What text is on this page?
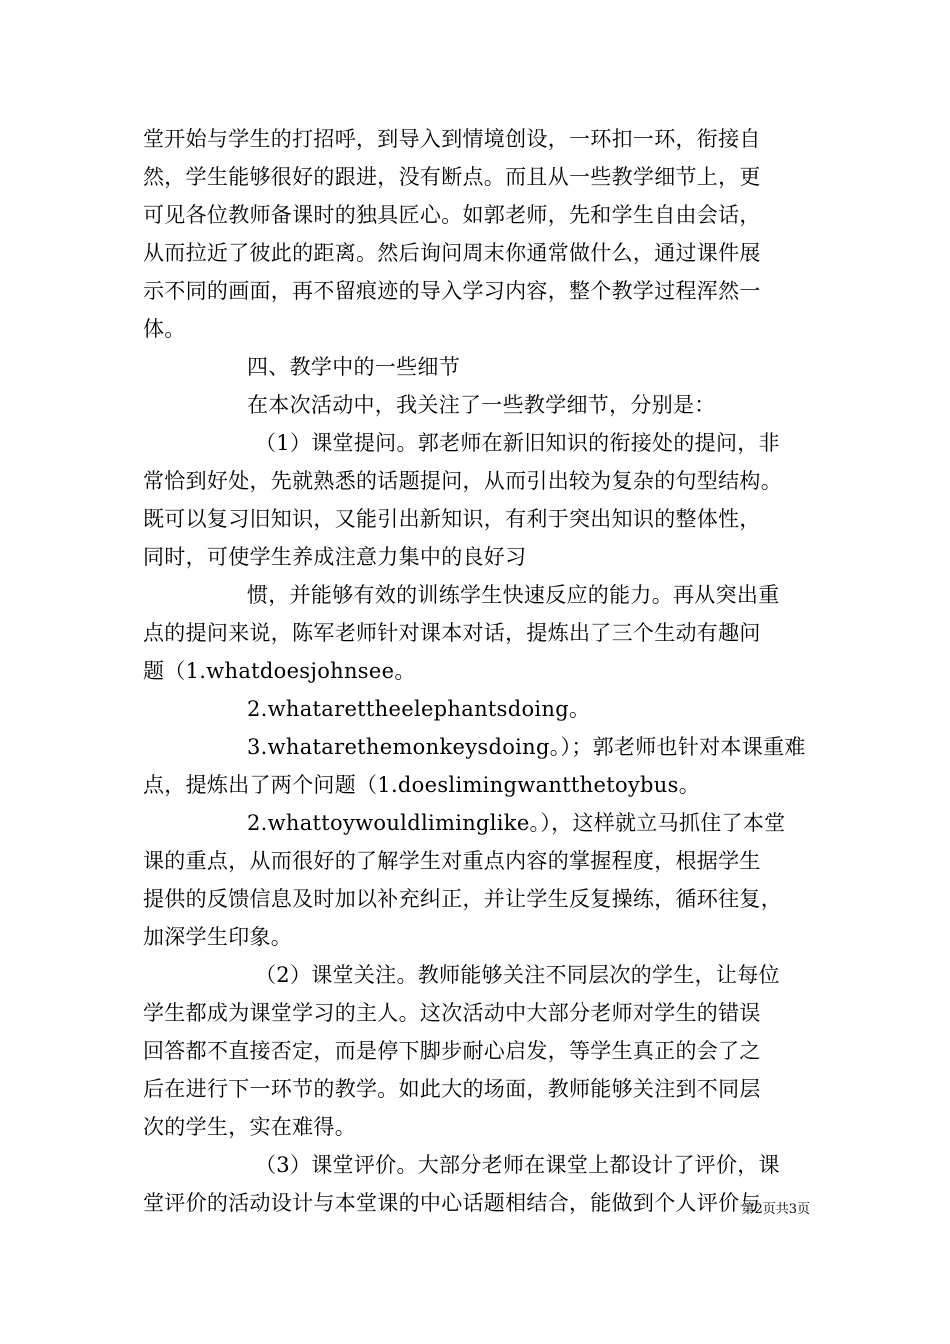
堂开始与学生的打招呼，到导入到情境创设，一环扣一环，衔接自
然，学生能够很好的跟进，没有断点。而且从一些教学细节上，更
可见各位教师备课时的独具匠心。如郭老师，先和学生自由会话，
从而拉近了彼此的距离。然后询问周末你通常做什么，通过课件展
示不同的画面，再不留痕迹的导入学习内容，整个教学过程浑然一
体。
四、教学中的一些细节
在本次活动中，我关注了一些教学细节，分别是：
（1）课堂提问。郭老师在新旧知识的衔接处的提问，非
常恰到好处，先就熟悉的话题提问，从而引出较为复杂的句型结构。
既可以复习旧知识，又能引出新知识，有利于突出知识的整体性，
同时，可使学生养成注意力集中的良好习
惯，并能够有效的训练学生快速反应的能力。再从突出重
点的提问来说，陈军老师针对课本对话，提炼出了三个生动有趣问
题（1.whatdoesjohnsee。
2.whatarettheelephantsdoing。
3.whatarethemonkeysdoing。）；郭老师也针对本课重难
点，提炼出了两个问题（1.doeslimingwantthetoybus。
2.whattoywouldliminglike。），这样就立马抓住了本堂
课的重点，从而很好的了解学生对重点内容的掌握程度，根据学生
提供的反馈信息及时加以补充纠正，并让学生反复操练，循环往复，
加深学生印象。
（2）课堂关注。教师能够关注不同层次的学生，让每位
学生都成为课堂学习的主人。这次活动中大部分老师对学生的错误
回答都不直接否定，而是停下脚步耐心启发，等学生真正的会了之
后在进行下一环节的教学。如此大的场面，教师能够关注到不同层
次的学生，实在难得。
（3）课堂评价。大部分老师在课堂上都设计了评价，课
堂评价的活动设计与本堂课的中心话题相结合，能做到个人评价与
第2页共3页
